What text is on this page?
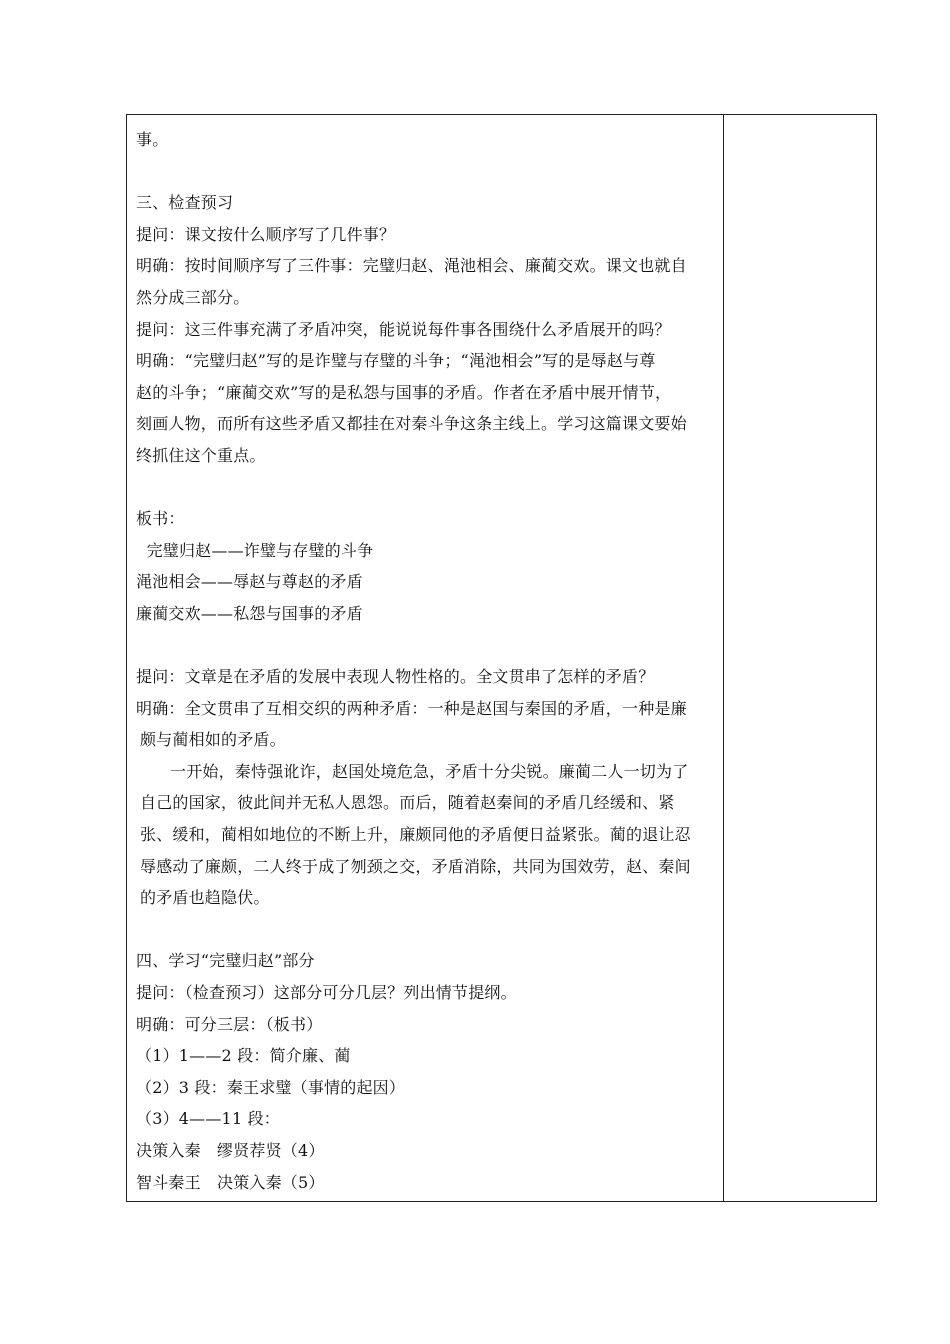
事。
三、检查预习
提问：课文按什么顺序写了几件事？
明确：按时间顺序写了三件事：完璧归赵、渑池相会、廉蔺交欢。课文也就自
然分成三部分。
提问：这三件事充满了矛盾冲突，能说说每件事各围绕什么矛盾展开的吗？
明确：“完璧归赵”写的是诈璧与存璧的斗争；“渑池相会”写的是辱赵与尊
赵的斗争；“廉蔺交欢”写的是私怨与国事的矛盾。作者在矛盾中展开情节，
刻画人物，而所有这些矛盾又都挂在对秦斗争这条主线上。学习这篇课文要始
终抓住这个重点。
板书：
完璧归赵——诈璧与存璧的斗争
渑池相会——辱赵与尊赵的矛盾
廉蔺交欢——私怨与国事的矛盾
提问：文章是在矛盾的发展中表现人物性格的。全文贯串了怎样的矛盾？
明确：全文贯串了互相交织的两种矛盾：一种是赵国与秦国的矛盾，一种是廉
颇与蔺相如的矛盾。
一开始，秦恃强讹诈，赵国处境危急，矛盾十分尖锐。廉蔺二人一切为了
自己的国家，彼此间并无私人恩怨。而后，随着赵秦间的矛盾几经缓和、紧
张、缓和，蔺相如地位的不断上升，廉颇同他的矛盾便日益紧张。蔺的退让忍
辱感动了廉颇，二人终于成了刎颈之交，矛盾消除，共同为国效劳，赵、秦间
的矛盾也趋隐伏。
四、学习“完璧归赵”部分
提问：（检查预习）这部分可分几层？列出情节提纲。
明确：可分三层：（板书）
（1）1——2 段：简介廉、蔺
（2）3 段：秦王求璧（事情的起因）
（3）4——11 段：
决策入秦　缪贤荐贤（4）
智斗秦王　决策入秦（5）
